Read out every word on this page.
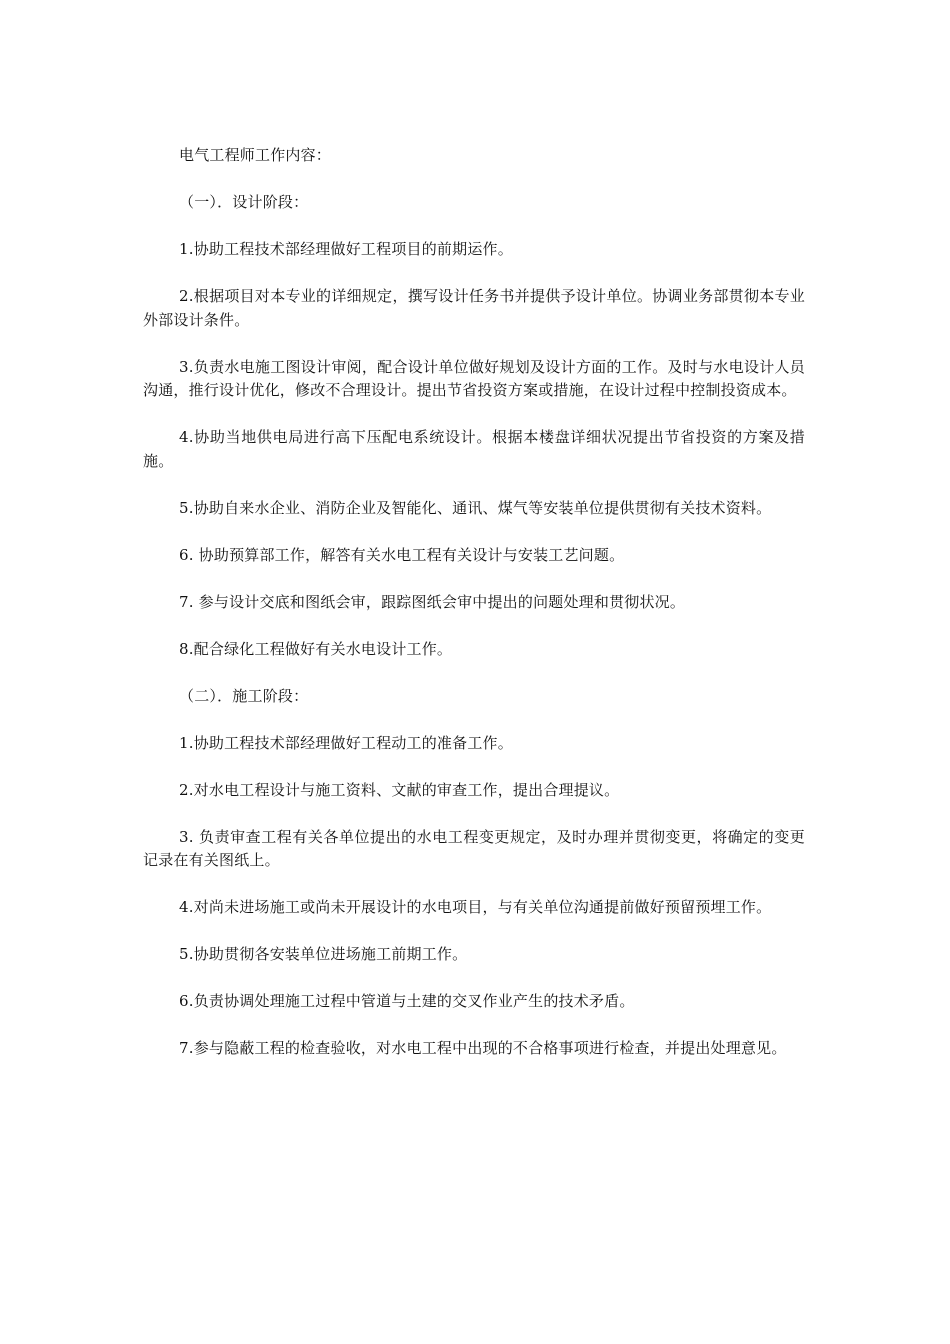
电气工程师工作内容：

（一）．设计阶段：

1.协助工程技术部经理做好工程项目的前期运作。

2.根据项目对本专业的详细规定，撰写设计任务书并提供予设计单位。协调业务部贯彻本专业外部设计条件。

3.负责水电施工图设计审阅，配合设计单位做好规划及设计方面的工作。及时与水电设计人员沟通，推行设计优化，修改不合理设计。提出节省投资方案或措施，在设计过程中控制投资成本。

4.协助当地供电局进行高下压配电系统设计。根据本楼盘详细状况提出节省投资的方案及措施。

5.协助自来水企业、消防企业及智能化、通讯、煤气等安装单位提供贯彻有关技术资料。

6. 协助预算部工作，解答有关水电工程有关设计与安装工艺问题。

7. 参与设计交底和图纸会审，跟踪图纸会审中提出的问题处理和贯彻状况。

8.配合绿化工程做好有关水电设计工作。

（二）．施工阶段：

1.协助工程技术部经理做好工程动工的准备工作。

2.对水电工程设计与施工资料、文献的审查工作，提出合理提议。

3. 负责审查工程有关各单位提出的水电工程变更规定，及时办理并贯彻变更，将确定的变更记录在有关图纸上。

4.对尚未进场施工或尚未开展设计的水电项目，与有关单位沟通提前做好预留预埋工作。

5.协助贯彻各安装单位进场施工前期工作。

6.负责协调处理施工过程中管道与土建的交叉作业产生的技术矛盾。

7.参与隐蔽工程的检查验收，对水电工程中出现的不合格事项进行检查，并提出处理意见。
